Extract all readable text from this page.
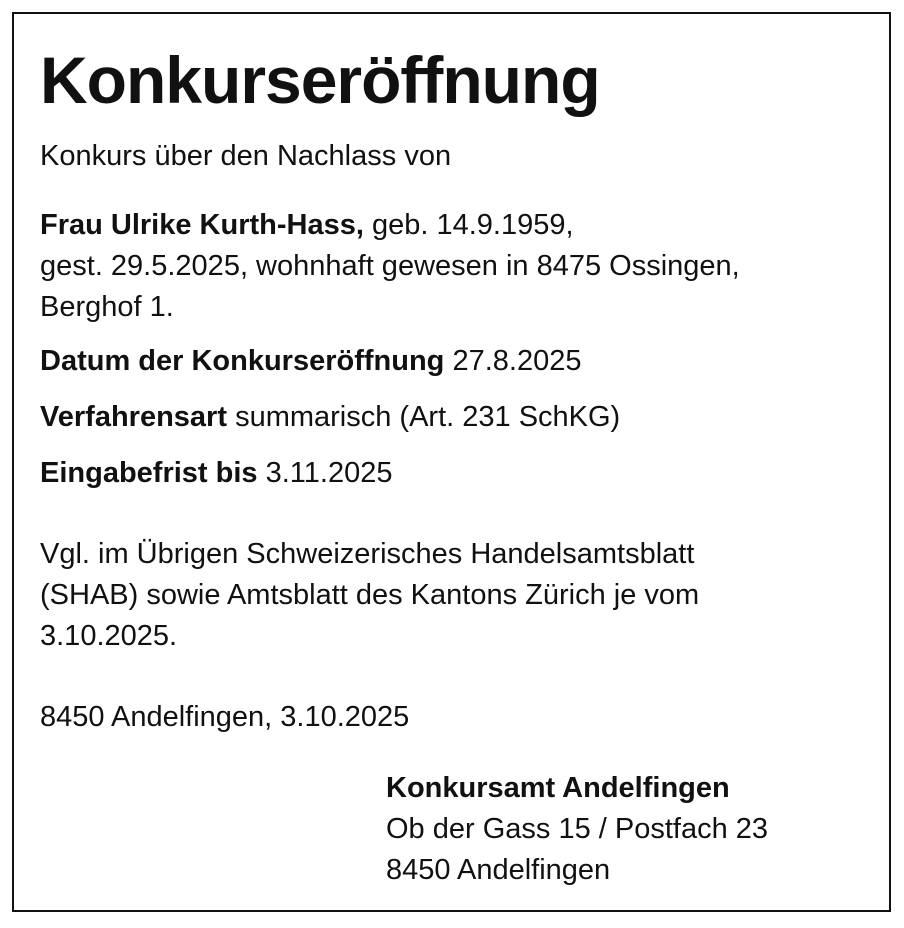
Konkurseröffnung

Konkurs über den Nachlass von

Frau Ulrike Kurth-Hass, geb. 14.9.1959,

gest. 29.5.2025, wohnhaft gewesen in 8475 Ossingen,

Berghof 1.

Datum der Konkurseröffnung 27.8.2025

Verfahrensart summarisch (Art. 231 SchKG)

Eingabefrist bis 3.11.2025

Vgl. im Übrigen Schweizerisches Handelsamtsblatt

(SHAB) sowie Amtsblatt des Kantons Zürich je vom

3.10.2025.

8450 Andelfingen, 3.10.2025

Konkursamt Andelfingen

Ob der Gass 15 / Postfach 23

8450 Andelfingen
